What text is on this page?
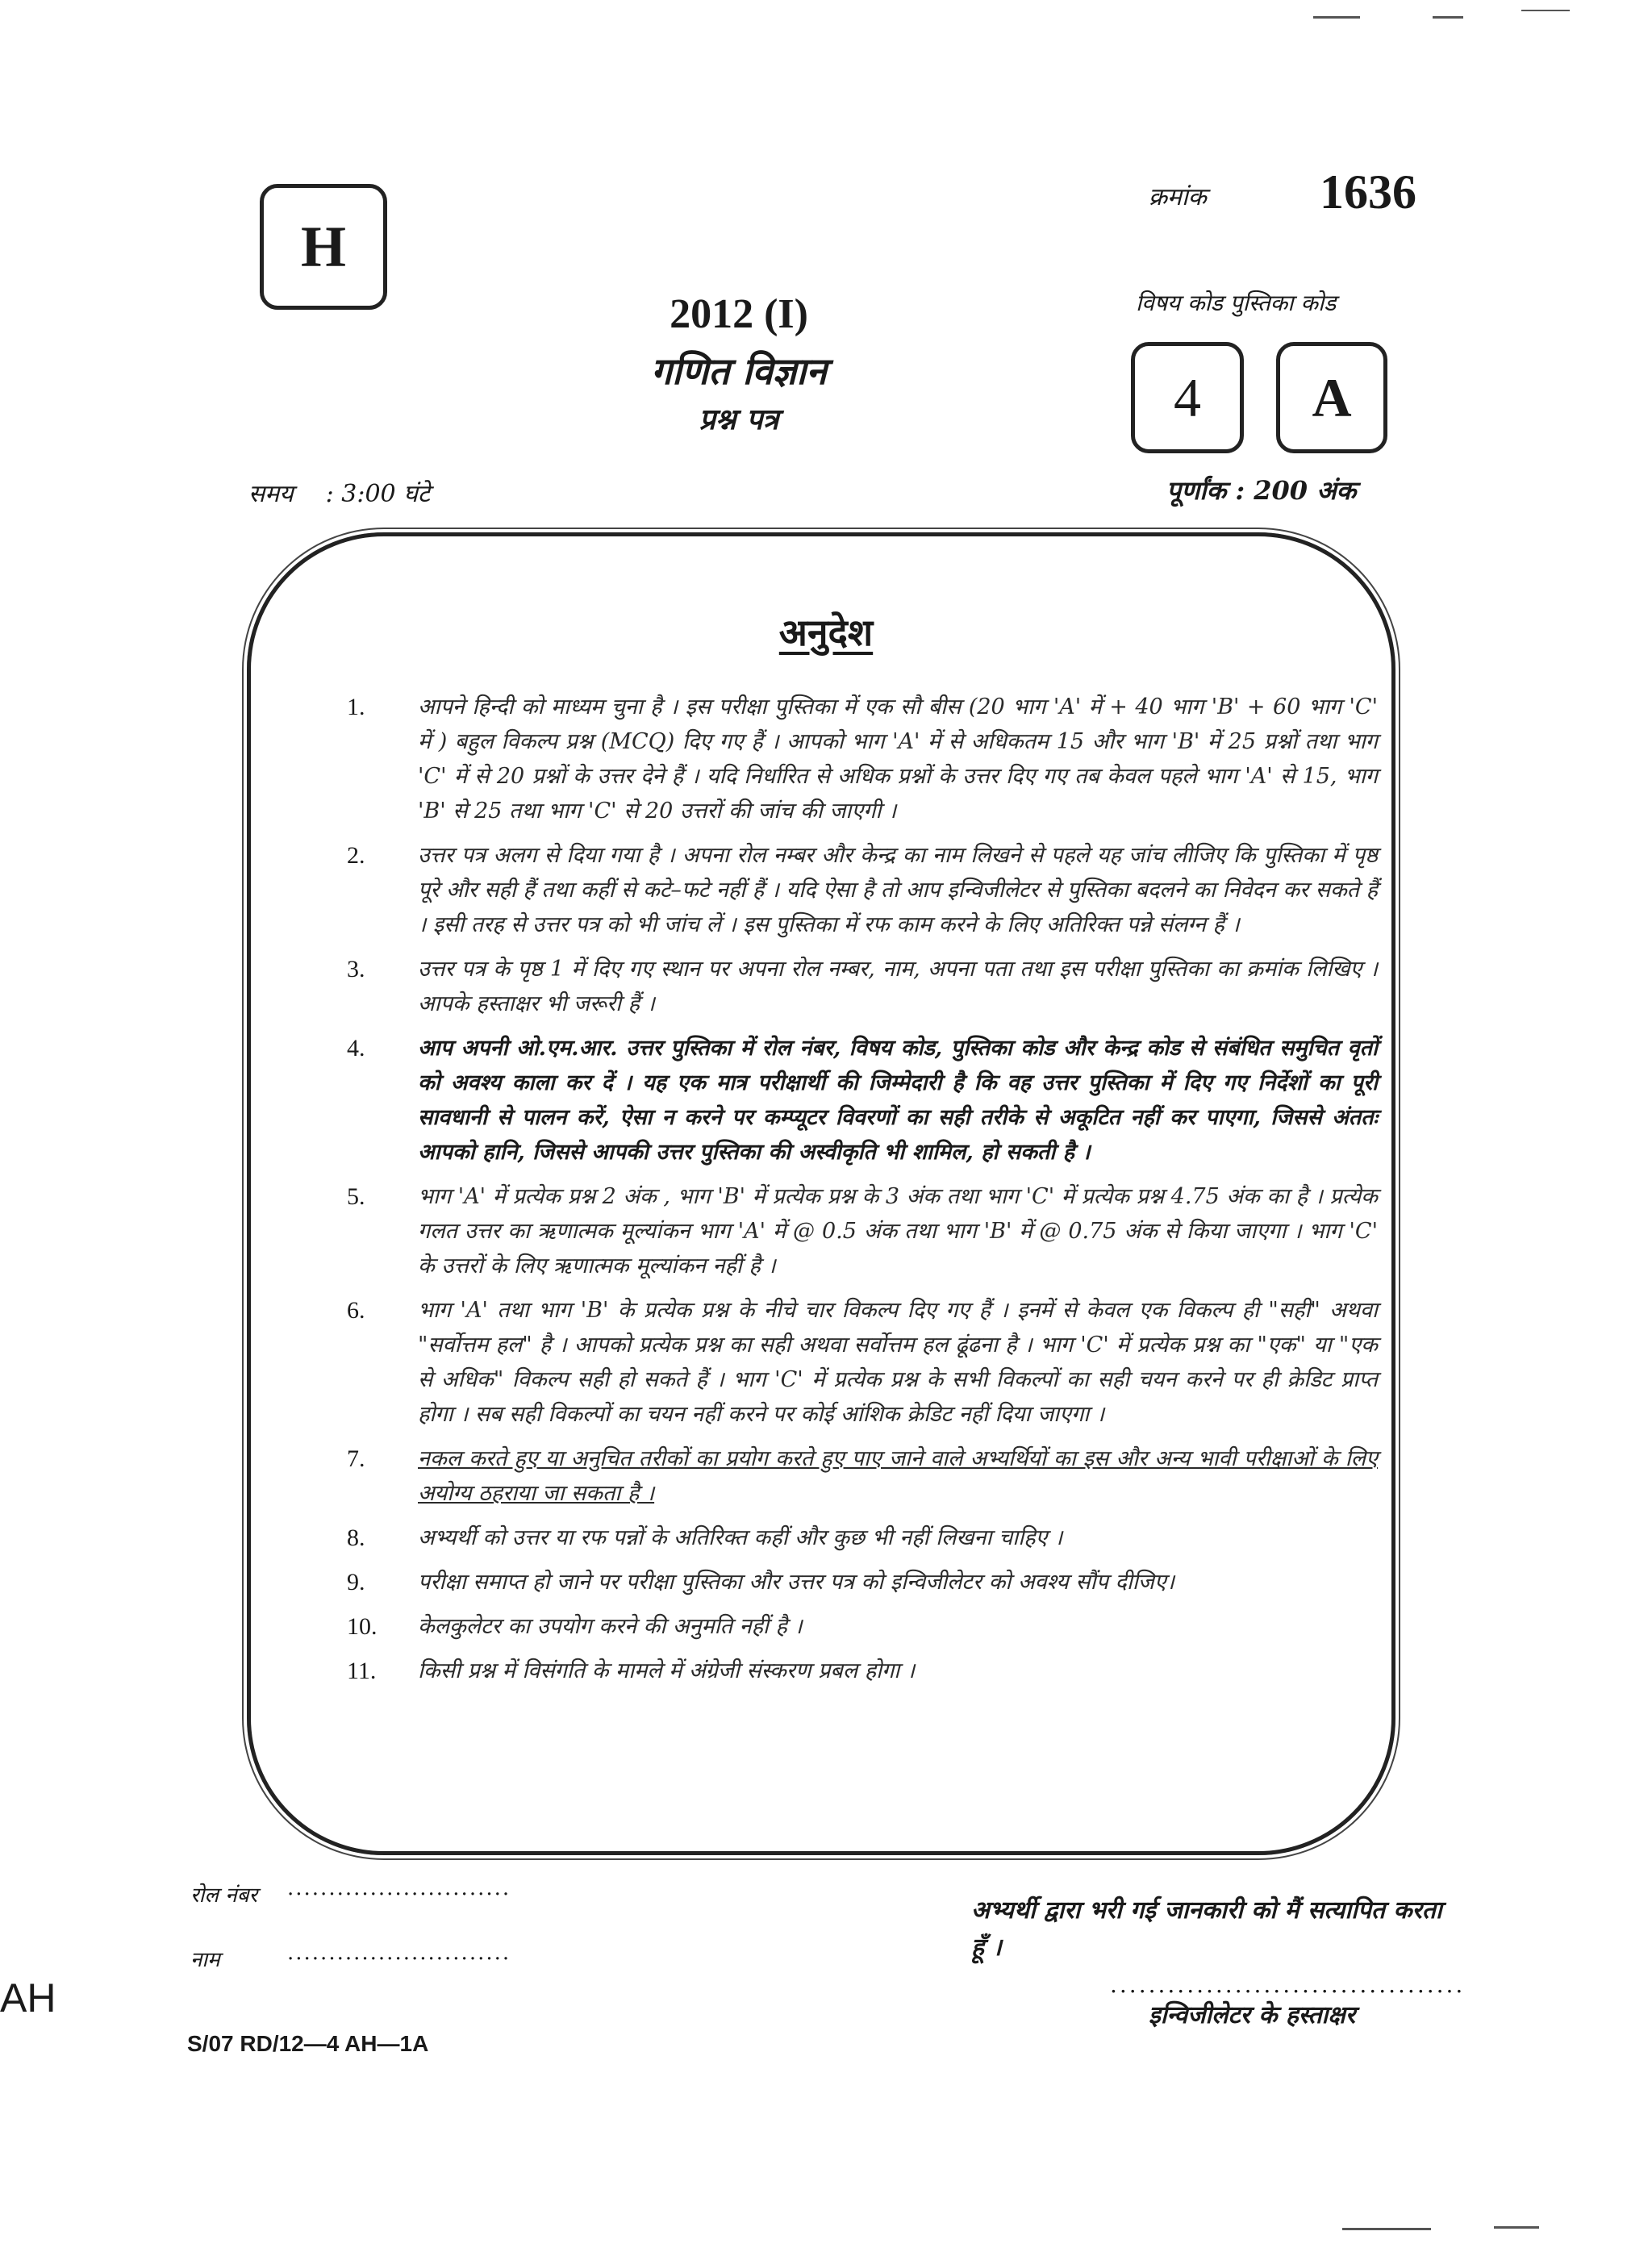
H
क्रमांक 1636
विषय कोड पुस्तिका कोड
4	A
2012 (I)
गणित विज्ञान
प्रश्न पत्र
समय : 3:00 घंटे	पूर्णांक : 200 अंक
अनुदेश
1.	आपने हिन्दी को माध्यम चुना है । इस परीक्षा पुस्तिका में एक सौ बीस (20 भाग 'A' में + 40 भाग 'B' + 60 भाग 'C' में ) बहुल विकल्प प्रश्न (MCQ) दिए गए हैं । आपको भाग 'A' में से अधिकतम 15 और भाग 'B' में 25 प्रश्नों तथा भाग 'C' में से 20 प्रश्नों के उत्तर देने हैं । यदि निर्धारित से अधिक प्रश्नों के उत्तर दिए गए तब केवल पहले भाग 'A' से 15, भाग 'B' से 25 तथा भाग 'C' से 20 उत्तरों की जांच की जाएगी ।
2.	उत्तर पत्र अलग से दिया गया है । अपना रोल नम्बर और केन्द्र का नाम लिखने से पहले यह जांच लीजिए कि पुस्तिका में पृष्ठ पूरे और सही हैं तथा कहीं से कटे–फटे नहीं हैं । यदि ऐसा है तो आप इन्विजीलेटर से पुस्तिका बदलने का निवेदन कर सकते हैं । इसी तरह से उत्तर पत्र को भी जांच लें । इस पुस्तिका में रफ काम करने के लिए अतिरिक्त पन्ने संलग्न हैं ।
3.	उत्तर पत्र के पृष्ठ 1 में दिए गए स्थान पर अपना रोल नम्बर, नाम, अपना पता तथा इस परीक्षा पुस्तिका का क्रमांक लिखिए । आपके हस्ताक्षर भी जरूरी हैं ।
4.	आप अपनी ओ.एम.आर. उत्तर पुस्तिका में रोल नंबर, विषय कोड, पुस्तिका कोड और केन्द्र कोड से संबंधित समुचित वृतों को अवश्य काला कर दें । यह एक मात्र परीक्षार्थी की जिम्मेदारी है कि वह उत्तर पुस्तिका में दिए गए निर्देशों का पूरी सावधानी से पालन करें, ऐसा न करने पर कम्प्यूटर विवरणों का सही तरीके से अकूटित नहीं कर पाएगा, जिससे अंततः आपको हानि, जिससे आपकी उत्तर पुस्तिका की अस्वीकृति भी शामिल, हो सकती है ।
5.	भाग 'A' में प्रत्येक प्रश्न 2 अंक , भाग 'B' में प्रत्येक प्रश्न के 3 अंक तथा भाग 'C' में प्रत्येक प्रश्न 4.75 अंक का है । प्रत्येक गलत उत्तर का ऋणात्मक मूल्यांकन भाग 'A' में @ 0.5 अंक तथा भाग 'B' में @ 0.75 अंक से किया जाएगा । भाग 'C' के उत्तरों के लिए ऋणात्मक मूल्यांकन नहीं है ।
6.	भाग 'A' तथा भाग 'B' के प्रत्येक प्रश्न के नीचे चार विकल्प दिए गए हैं । इनमें से केवल एक विकल्प ही "सही" अथवा "सर्वोत्तम हल" है । आपको प्रत्येक प्रश्न का सही अथवा सर्वोत्तम हल ढूंढना है । भाग 'C' में प्रत्येक प्रश्न का "एक" या "एक से अधिक" विकल्प सही हो सकते हैं । भाग 'C' में प्रत्येक प्रश्न के सभी विकल्पों का सही चयन करने पर ही क्रेडिट प्राप्त होगा । सब सही विकल्पों का चयन नहीं करने पर कोई आंशिक क्रेडिट नहीं दिया जाएगा ।
7.	नकल करते हुए या अनुचित तरीकों का प्रयोग करते हुए पाए जाने वाले अभ्यर्थियों का इस और अन्य भावी परीक्षाओं के लिए अयोग्य ठहराया जा सकता है ।
8.	अभ्यर्थी को उत्तर या रफ पन्नों के अतिरिक्त कहीं और कुछ भी नहीं लिखना चाहिए ।
9.	परीक्षा समाप्त हो जाने पर परीक्षा पुस्तिका और उत्तर पत्र को इन्विजीलेटर को अवश्य सौंप दीजिए।
10.	केलकुलेटर का उपयोग करने की अनुमति नहीं है ।
11.	किसी प्रश्न में विसंगति के मामले में अंग्रेजी संस्करण प्रबल होगा ।
रोल नंबर ...........................
नाम	...........................
अभ्यर्थी द्वारा भरी गई जानकारी को मैं सत्यापित करता हूँ ।
.....................................
इन्विजीलेटर के हस्ताक्षर
AH
S/07 RD/12—4 AH—1A
